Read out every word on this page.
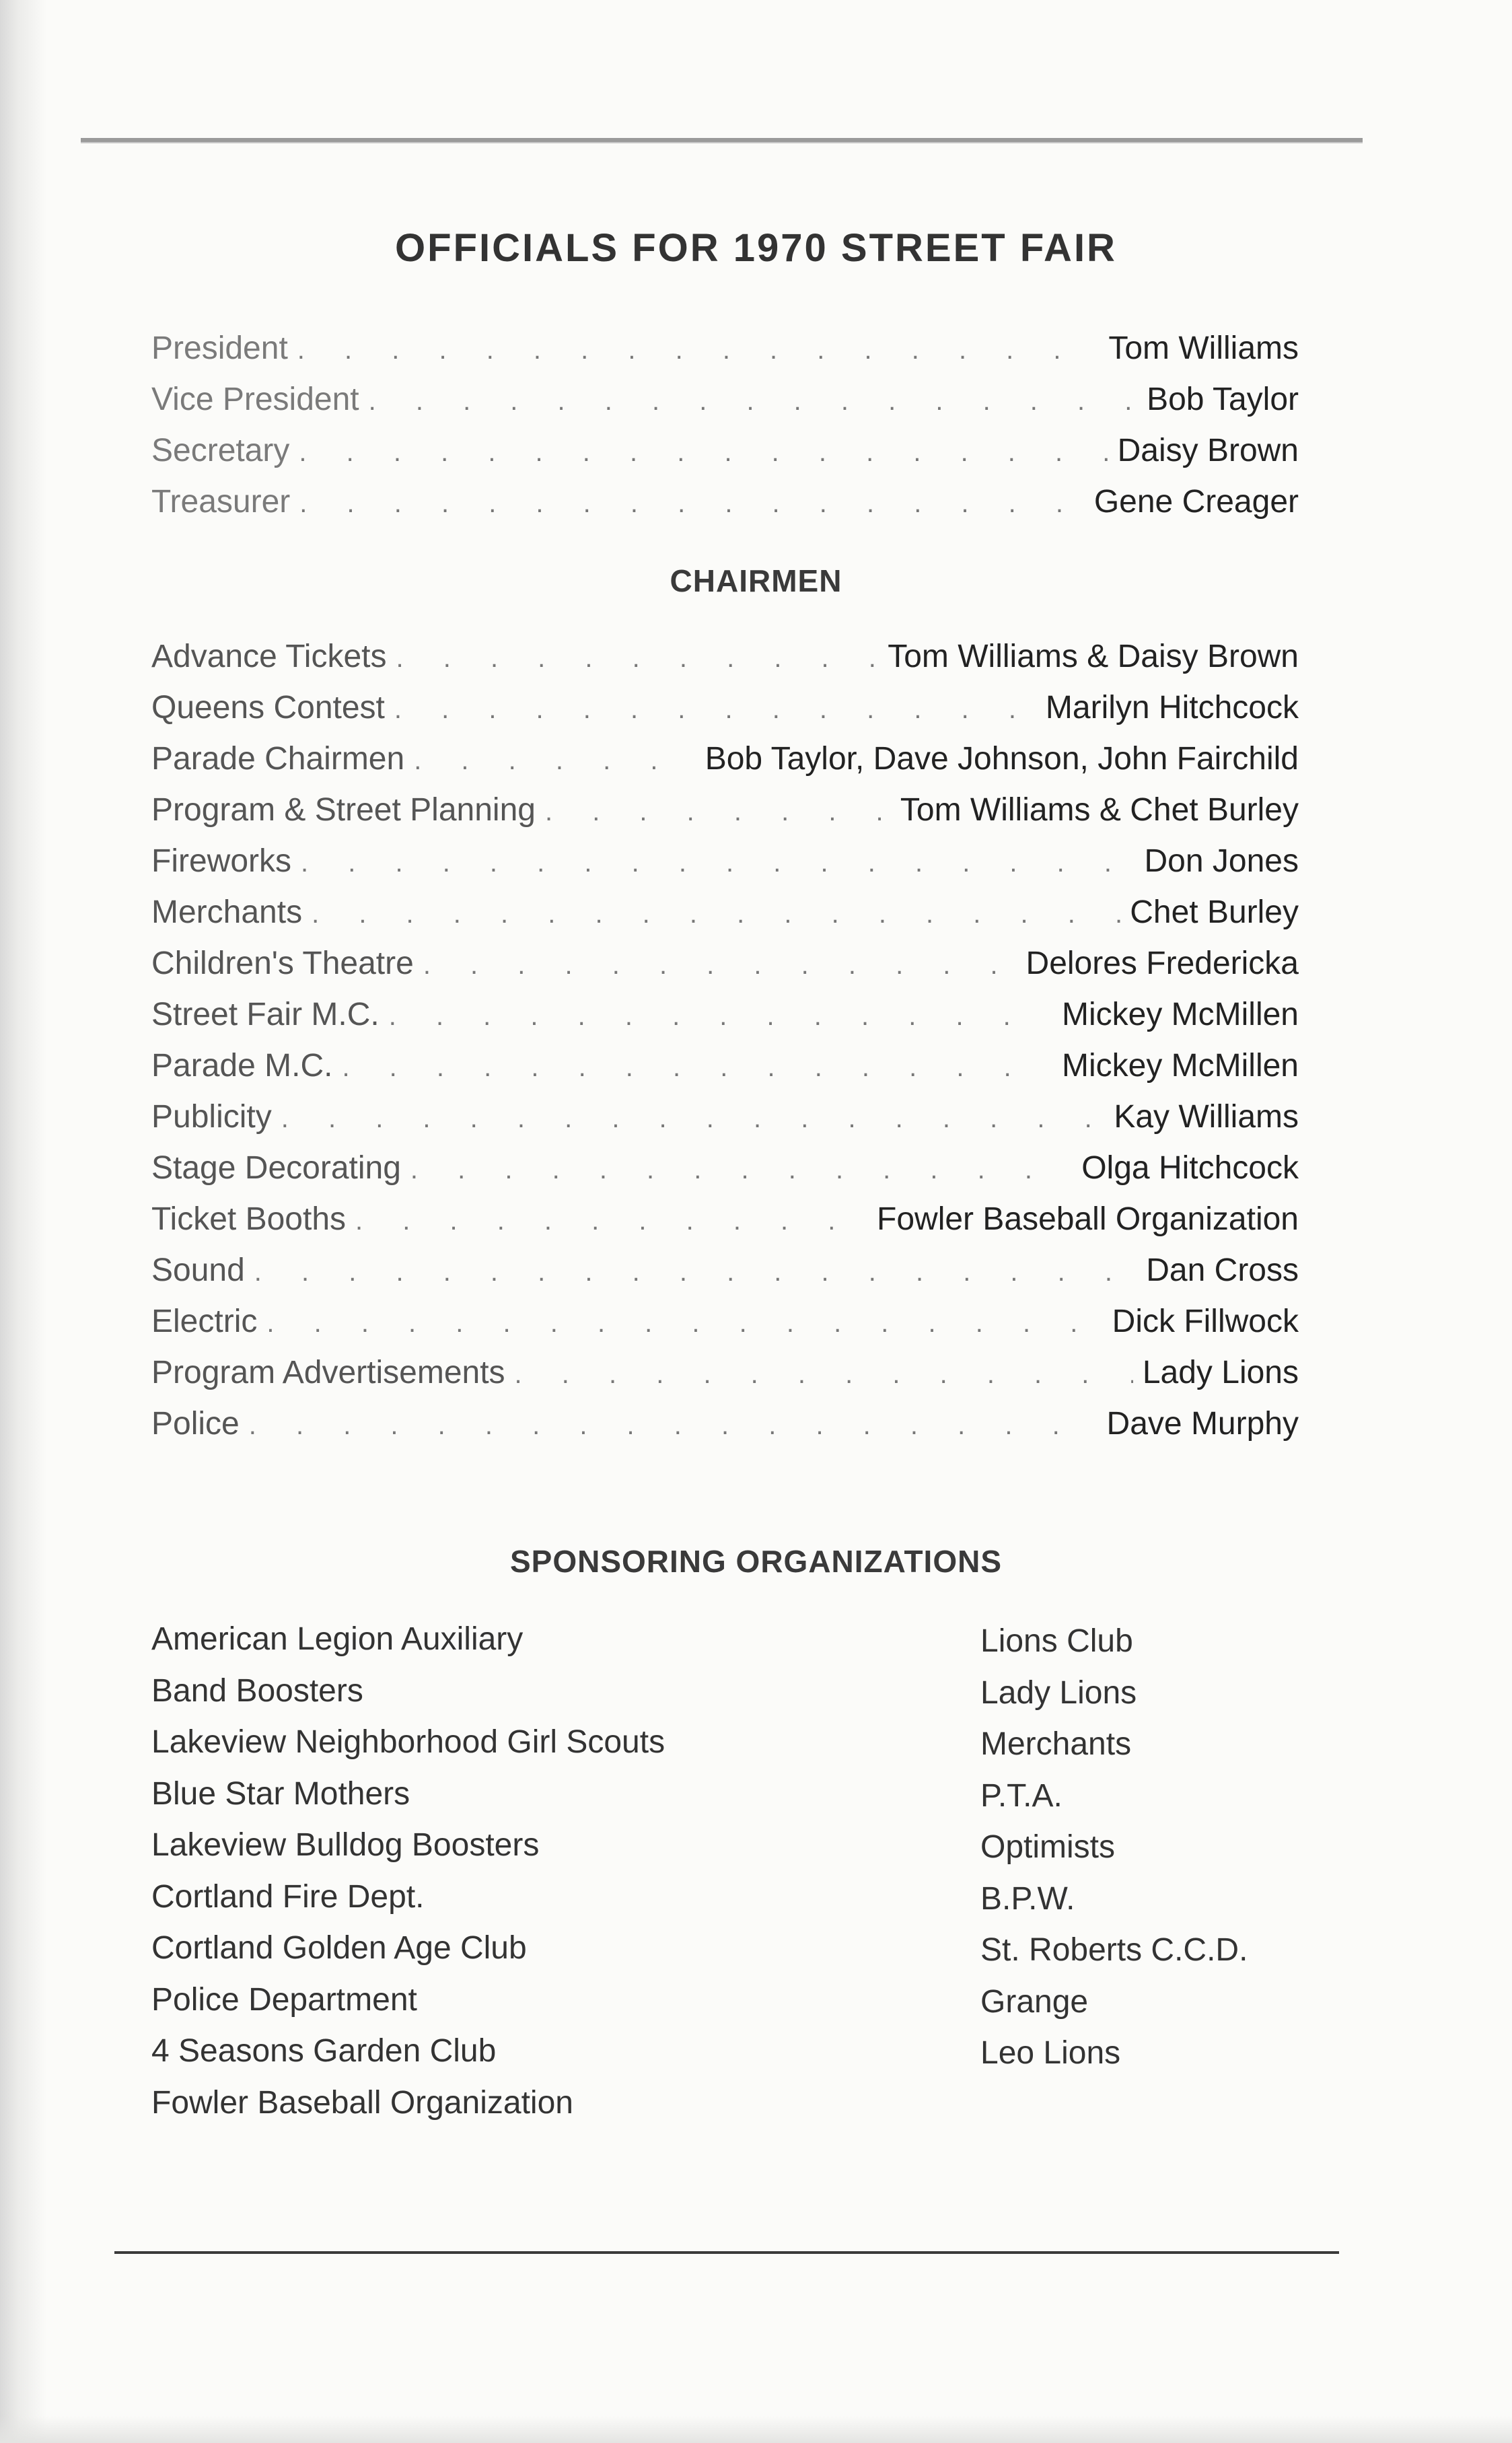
OFFICIALS FOR 1970 STREET FAIR
President . . .	Tom Williams
Vice President . . .	Bob Taylor
Secretary . . .	Daisy Brown
Treasurer . . .	Gene Creager
CHAIRMEN
Advance Tickets . . .	Tom Williams & Daisy Brown
Queens Contest . . .	Marilyn Hitchcock
Parade Chairmen . . .	Bob Taylor, Dave Johnson, John Fairchild
Program & Street Planning . . .	Tom Williams & Chet Burley
Fireworks . . .	Don Jones
Merchants . . .	Chet Burley
Children's Theatre . . .	Delores Fredericka
Street Fair M.C. . . .	Mickey McMillen
Parade M.C. . . .	Mickey McMillen
Publicity . . .	Kay Williams
Stage Decorating . . .	Olga Hitchcock
Ticket Booths . . .	Fowler Baseball Organization
Sound . . .	Dan Cross
Electric . . .	Dick Fillwock
Program Advertisements . . .	Lady Lions
Police . . .	Dave Murphy
SPONSORING ORGANIZATIONS
American Legion Auxiliary
Band Boosters
Lakeview Neighborhood Girl Scouts
Blue Star Mothers
Lakeview Bulldog Boosters
Cortland Fire Dept.
Cortland Golden Age Club
Police Department
4 Seasons Garden Club
Fowler Baseball Organization
Lions Club
Lady Lions
Merchants
P.T.A.
Optimists
B.P.W.
St. Roberts C.C.D.
Grange
Leo Lions
